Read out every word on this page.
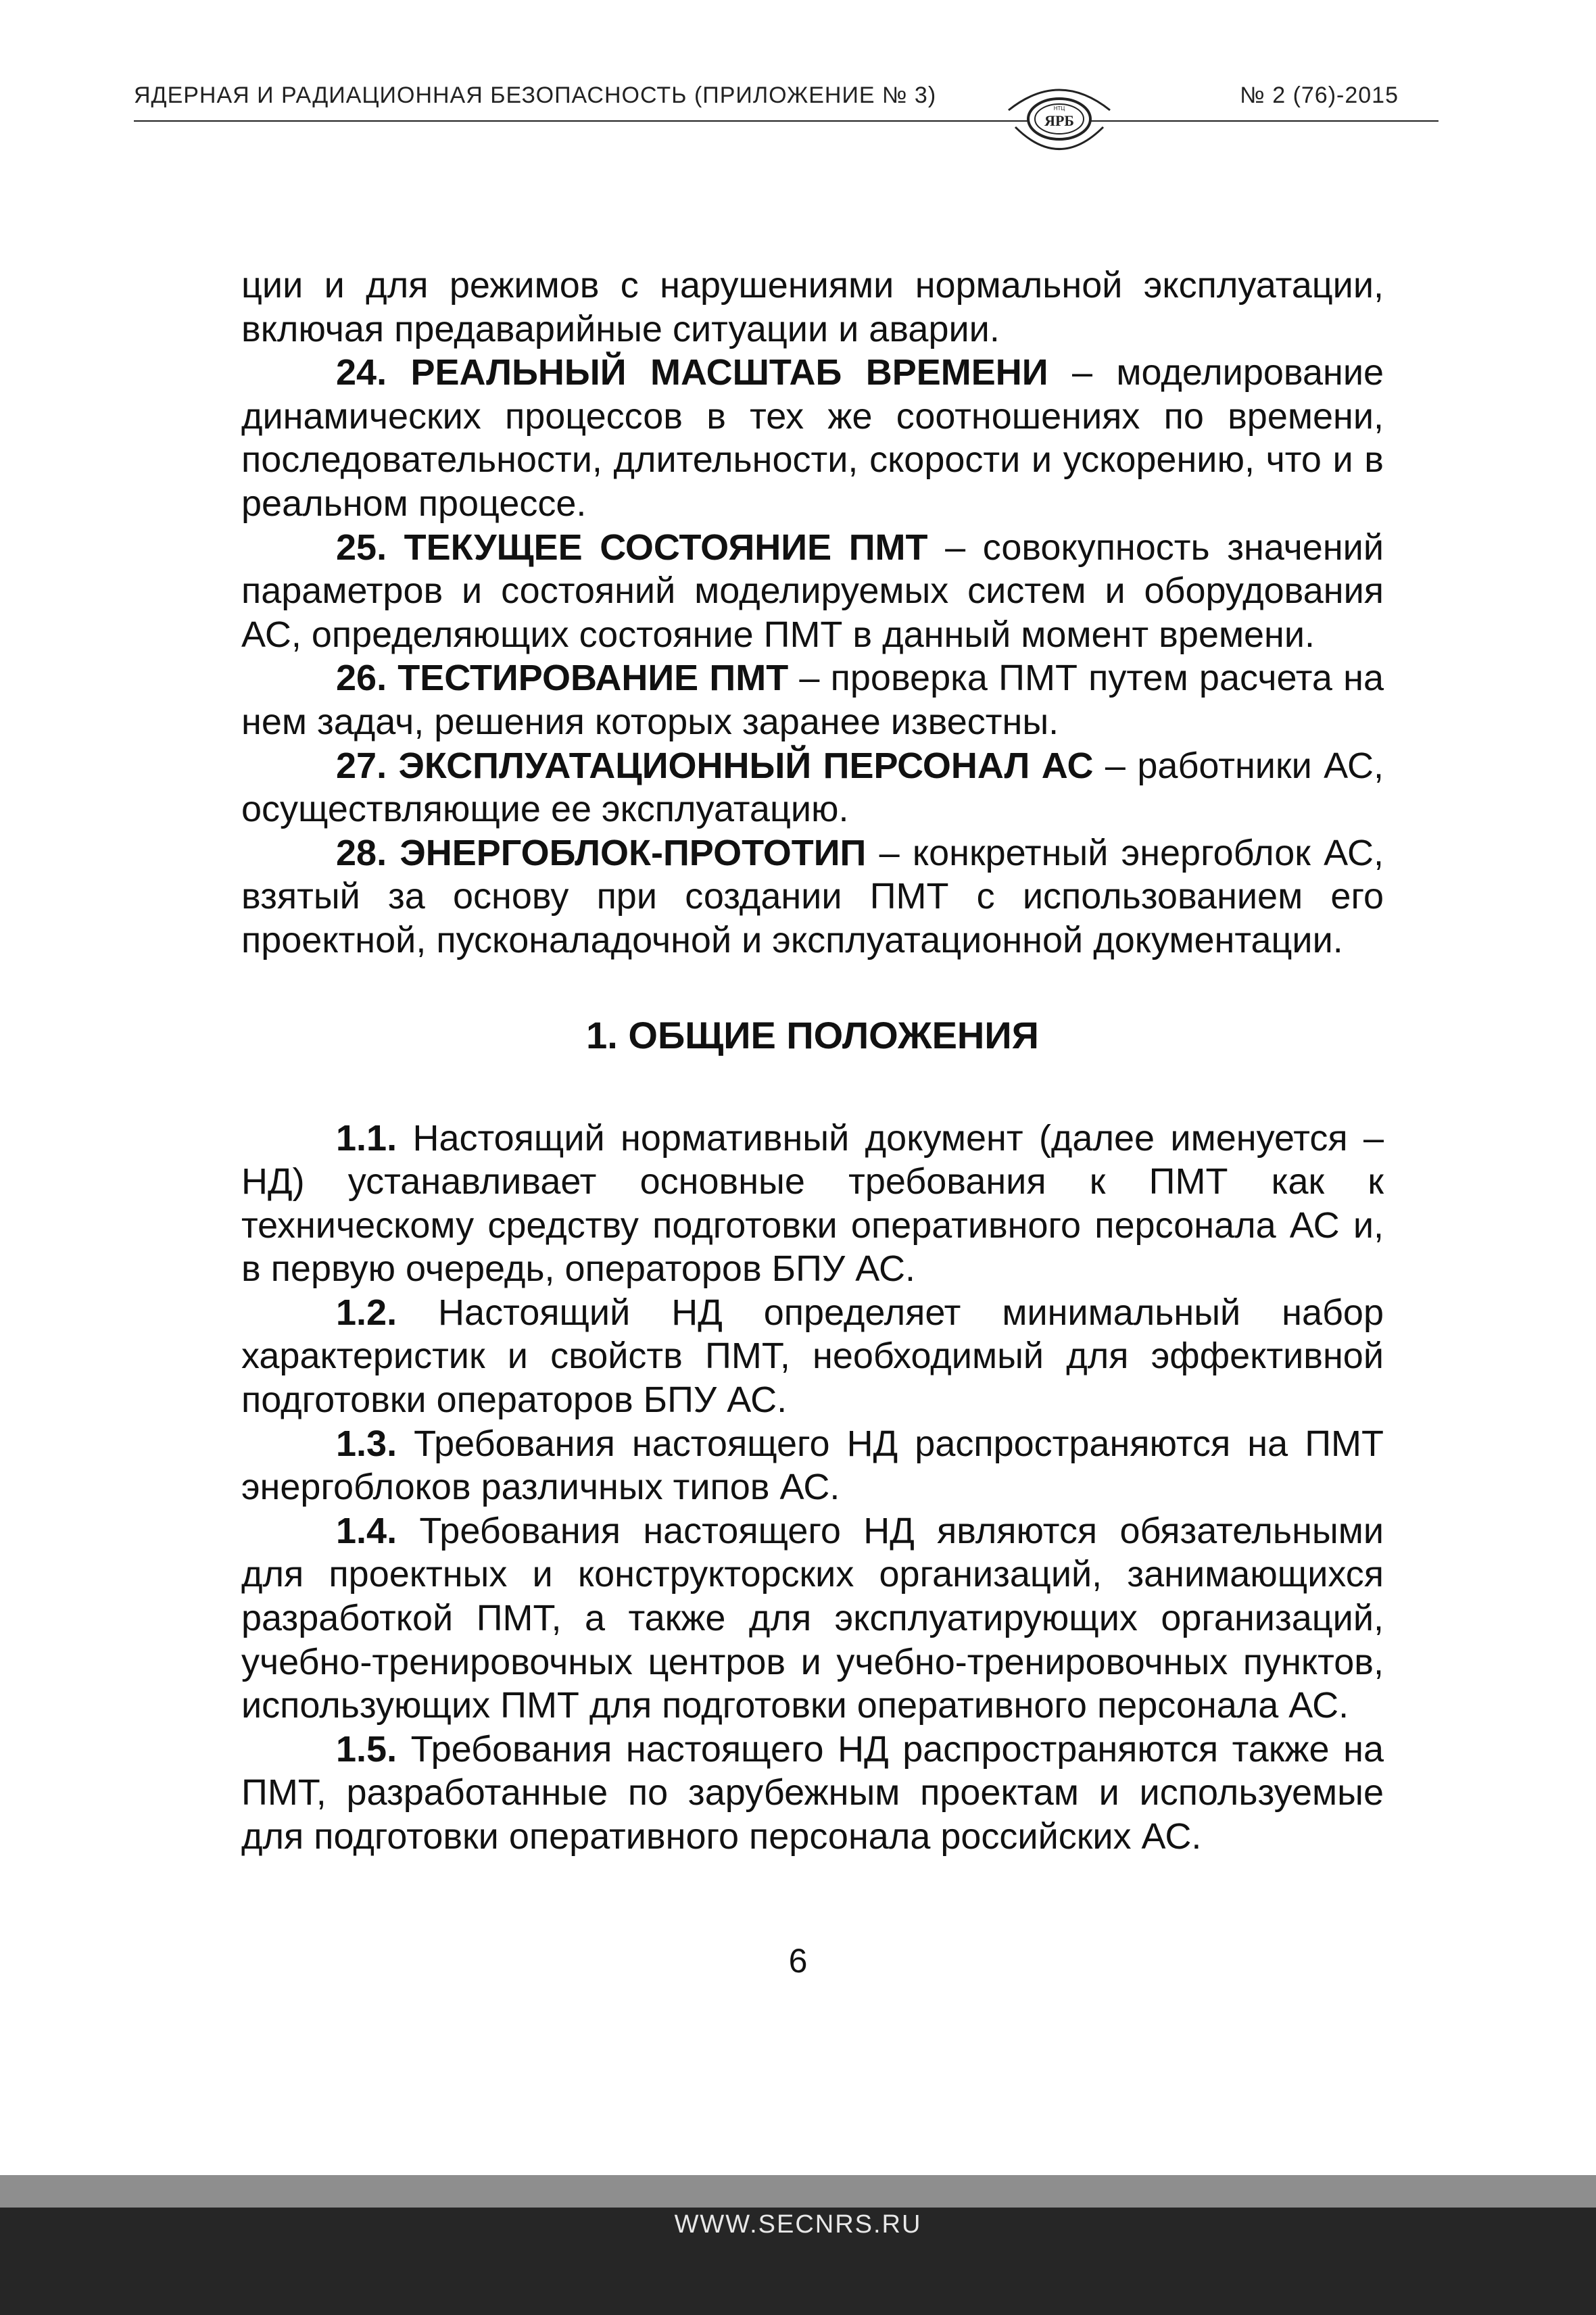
ЯДЕРНАЯ И РАДИАЦИОННАЯ БЕЗОПАСНОСТЬ (ПРИЛОЖЕНИЕ № 3)	№ 2 (76)-2015
ЯРБ
НТЦ

ции и для режимов с нарушениями нормальной эксплуатации, включая предаварийные ситуации и аварии.

24. РЕАЛЬНЫЙ МАСШТАБ ВРЕМЕНИ – моделирование динамических процессов в тех же соотношениях по времени, последовательности, длительности, скорости и ускорению, что и в реальном процессе.

25. ТЕКУЩЕЕ СОСТОЯНИЕ ПМТ – совокупность значений параметров и состояний моделируемых систем и оборудования АС, определяющих состояние ПМТ в данный момент времени.

26. ТЕСТИРОВАНИЕ ПМТ – проверка ПМТ путем расчета на нем задач, решения которых заранее известны.

27. ЭКСПЛУАТАЦИОННЫЙ ПЕРСОНАЛ АС – работники АС, осуществляющие ее эксплуатацию.

28. ЭНЕРГОБЛОК-ПРОТОТИП – конкретный энергоблок АС, взятый за основу при создании ПМТ с использованием его проектной, пусконаладочной и эксплуатационной документации.

1. ОБЩИЕ ПОЛОЖЕНИЯ

1.1. Настоящий нормативный документ (далее именуется – НД) устанавливает основные требования к ПМТ как к техническому средству подготовки оперативного персонала АС и, в первую очередь, операторов БПУ АС.

1.2. Настоящий НД определяет минимальный набор характеристик и свойств ПМТ, необходимый для эффективной подготовки операторов БПУ АС.

1.3. Требования настоящего НД распространяются на ПМТ энергоблоков различных типов АС.

1.4. Требования настоящего НД являются обязательными для проектных и конструкторских организаций, занимающихся разработкой ПМТ, а также для эксплуатирующих организаций, учебно-тренировочных центров и учебно-тренировочных пунктов, использующих ПМТ для подготовки оперативного персонала АС.

1.5. Требования настоящего НД распространяются также на ПМТ, разработанные по зарубежным проектам и используемые для подготовки оперативного персонала российских АС.

6
WWW.SECNRS.RU
